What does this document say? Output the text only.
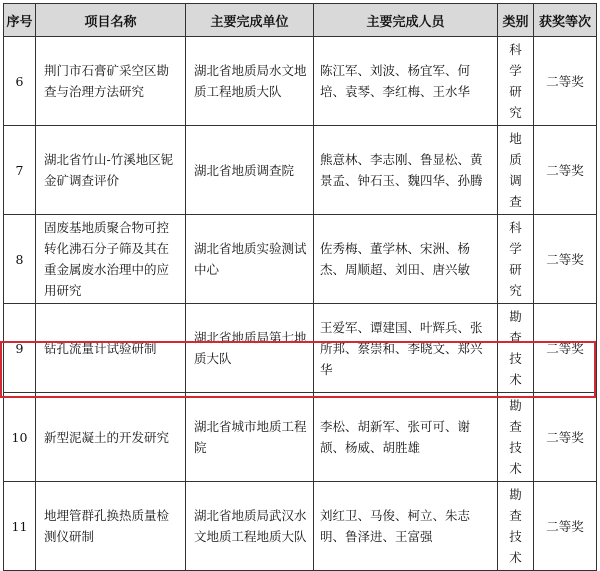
序号	项目名称	主要完成单位	主要完成人员	类别	获奖等次
6	荆门市石膏矿采空区勘查与治理方法研究	湖北省地质局水文地质工程地质大队	陈江军、刘波、杨宜军、何培、袁琴、李红梅、王水华	科学研究	二等奖
7	湖北省竹山-竹溪地区铌金矿调查评价	湖北省地质调查院	熊意林、李志刚、鲁显松、黄景孟、钟石玉、魏四华、孙腾	地质调查	二等奖
8	固废基地质聚合物可控转化沸石分子筛及其在重金属废水治理中的应用研究	湖北省地质实验测试中心	佐秀梅、董学林、宋洲、杨杰、周顺超、刘田、唐兴敏	科学研究	二等奖
9	钻孔流量计试验研制	湖北省地质局第七地质大队	王爱军、谭建国、叶辉兵、张所邦、蔡崇和、李晓文、郑兴华	勘查技术	二等奖
10	新型泥凝土的开发研究	湖北省城市地质工程院	李松、胡新军、张可可、谢颉、杨威、胡胜雄	勘查技术	二等奖
11	地埋管群孔换热质量检测仪研制	湖北省地质局武汉水文地质工程地质大队	刘红卫、马俊、柯立、朱志明、鲁泽进、王富强	勘查技术	二等奖
